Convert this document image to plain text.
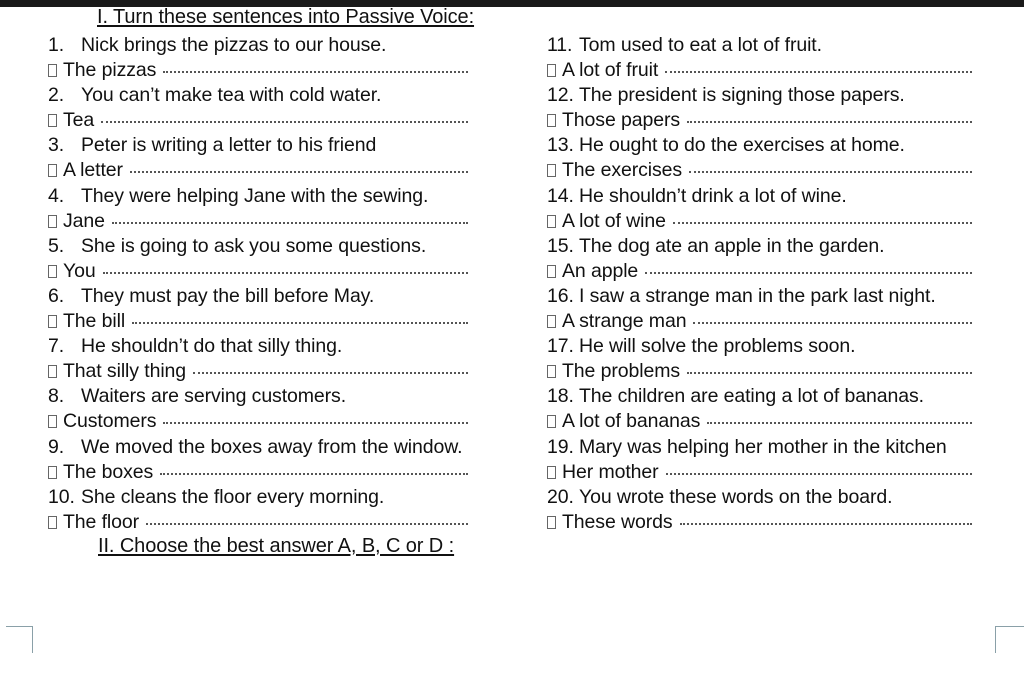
I. Turn these sentences into Passive Voice:
1. Nick brings the pizzas to our house.
The pizzas
2. You can’t make tea with cold water.
Tea
3. Peter is writing a letter to his friend
A letter
4. They were helping Jane with the sewing.
Jane
5. She is going to ask you some questions.
You
6. They must pay the bill before May.
The bill
7. He shouldn’t do that silly thing.
That silly thing
8. Waiters are serving customers.
Customers
9. We moved the boxes away from the window.
The boxes
10. She cleans the floor every morning.
The floor
11. Tom used to eat a lot of fruit.
A lot of fruit
12. The president is signing those papers.
Those papers
13. He ought to do the exercises at home.
The exercises
14. He shouldn’t drink a lot of wine.
A lot of wine
15. The dog ate an apple in the garden.
An apple
16. I saw a strange man in the park last night.
A strange man
17. He will solve the problems soon.
The problems
18. The children are eating a lot of bananas.
A lot of bananas
19. Mary was helping her mother in the kitchen
Her mother
20. You wrote these words on the board.
These words
II. Choose the best answer A, B, C or D :
